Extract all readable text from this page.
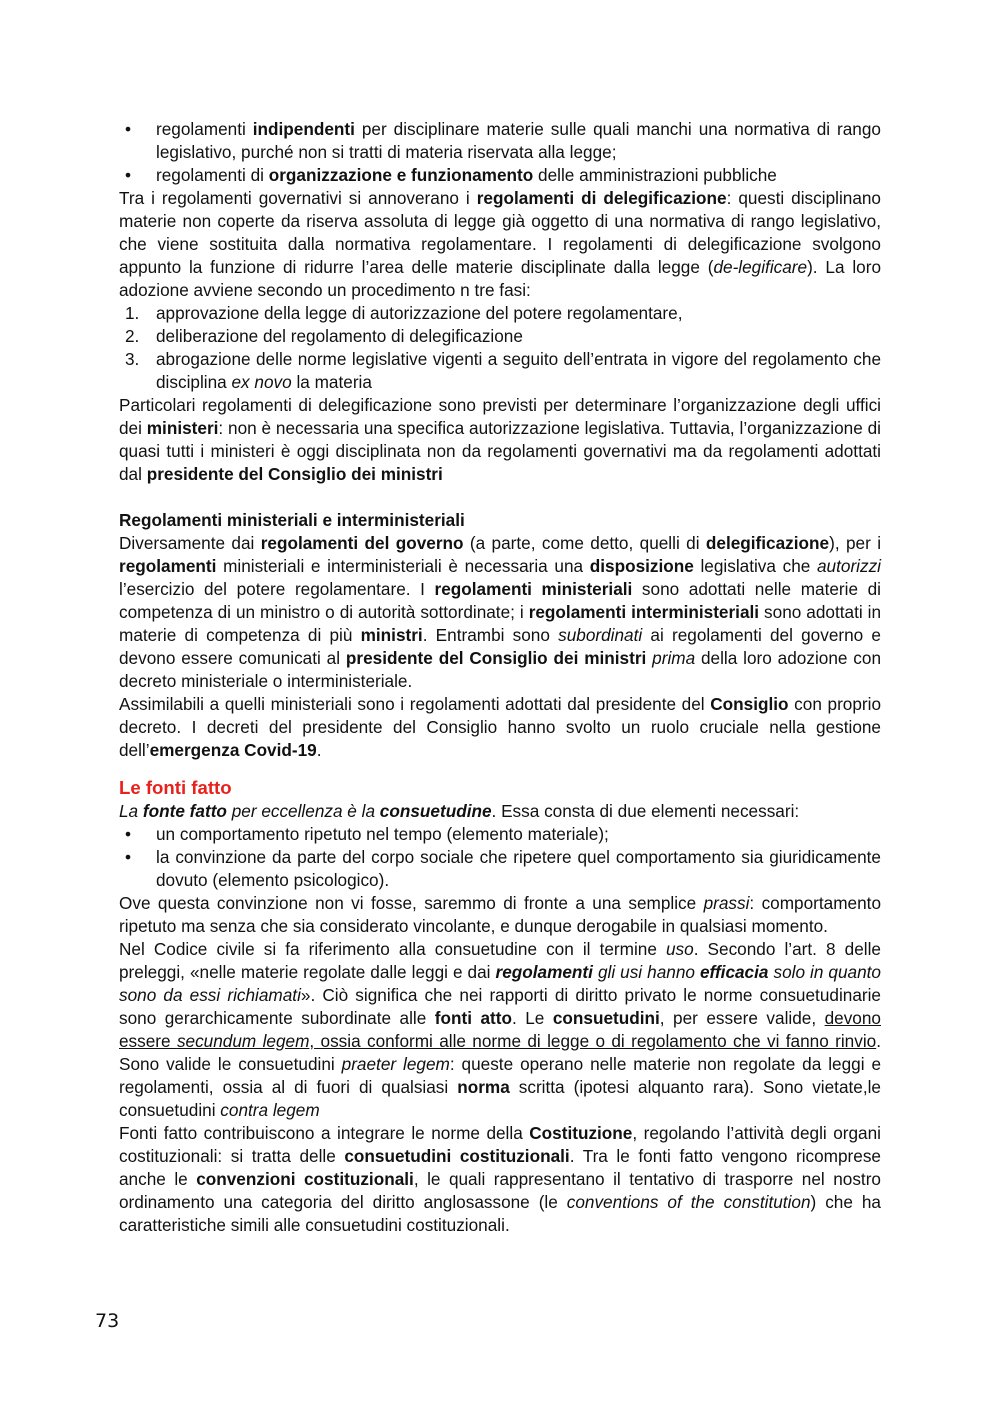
• regolamenti indipendenti per disciplinare materie sulle quali manchi una normativa di rango legislativo, purché non si tratti di materia riservata alla legge;
• regolamenti di organizzazione e funzionamento delle amministrazioni pubbliche

Tra i regolamenti governativi si annoverano i regolamenti di delegificazione: questi disciplinano materie non coperte da riserva assoluta di legge già oggetto di una normativa di rango legislativo, che viene sostituita dalla normativa regolamentare. I regolamenti di delegificazione svolgono appunto la funzione di ridurre l’area delle materie disciplinate dalla legge (de-legificare). La loro adozione avviene secondo un procedimento n tre fasi:

1. approvazione della legge di autorizzazione del potere regolamentare,
2. deliberazione del regolamento di delegificazione
3. abrogazione delle norme legislative vigenti a seguito dell’entrata in vigore del regolamento che disciplina ex novo la materia

Particolari regolamenti di delegificazione sono previsti per determinare l’organizzazione degli uffici dei ministeri: non è necessaria una specifica autorizzazione legislativa. Tuttavia, l’organizzazione di quasi tutti i ministeri è oggi disciplinata non da regolamenti governativi ma da regolamenti adottati dal presidente del Consiglio dei ministri

Regolamenti ministeriali e interministeriali

Diversamente dai regolamenti del governo (a parte, come detto, quelli di delegificazione), per i regolamenti ministeriali e interministeriali è necessaria una disposizione legislativa che autorizzi l’esercizio del potere regolamentare. I regolamenti ministeriali sono adottati nelle materie di competenza di un ministro o di autorità sottordinate; i regolamenti interministeriali sono adottati in materie di competenza di più ministri. Entrambi sono subordinati ai regolamenti del governo e devono essere comunicati al presidente del Consiglio dei ministri prima della loro adozione con decreto ministeriale o interministeriale.

Assimilabili a quelli ministeriali sono i regolamenti adottati dal presidente del Consiglio con proprio decreto. I decreti del presidente del Consiglio hanno svolto un ruolo cruciale nella gestione dell’emergenza Covid-19.

Le fonti fatto

La fonte fatto per eccellenza è la consuetudine. Essa consta di due elementi necessari:

• un comportamento ripetuto nel tempo (elemento materiale);
• la convinzione da parte del corpo sociale che ripetere quel comportamento sia giuridicamente dovuto (elemento psicologico).

Ove questa convinzione non vi fosse, saremmo di fronte a una semplice prassi: comportamento ripetuto ma senza che sia considerato vincolante, e dunque derogabile in qualsiasi momento.

Nel Codice civile si fa riferimento alla consuetudine con il termine uso. Secondo l’art. 8 delle preleggi, «nelle materie regolate dalle leggi e dai regolamenti gli usi hanno efficacia solo in quanto sono da essi richiamati». Ciò significa che nei rapporti di diritto privato le norme consuetudinarie sono gerarchicamente subordinate alle fonti atto. Le consuetudini, per essere valide, devono essere secundum legem, ossia conformi alle norme di legge o di regolamento che vi fanno rinvio. Sono valide le consuetudini praeter legem: queste operano nelle materie non regolate da leggi e regolamenti, ossia al di fuori di qualsiasi norma scritta (ipotesi alquanto rara). Sono vietate,le consuetudini contra legem

Fonti fatto contribuiscono a integrare le norme della Costituzione, regolando l’attività degli organi costituzionali: si tratta delle consuetudini costituzionali. Tra le fonti fatto vengono ricomprese anche le convenzioni costituzionali, le quali rappresentano il tentativo di trasporre nel nostro ordinamento una categoria del diritto anglosassone (le conventions of the constitution) che ha caratteristiche simili alle consuetudini costituzionali.

73
